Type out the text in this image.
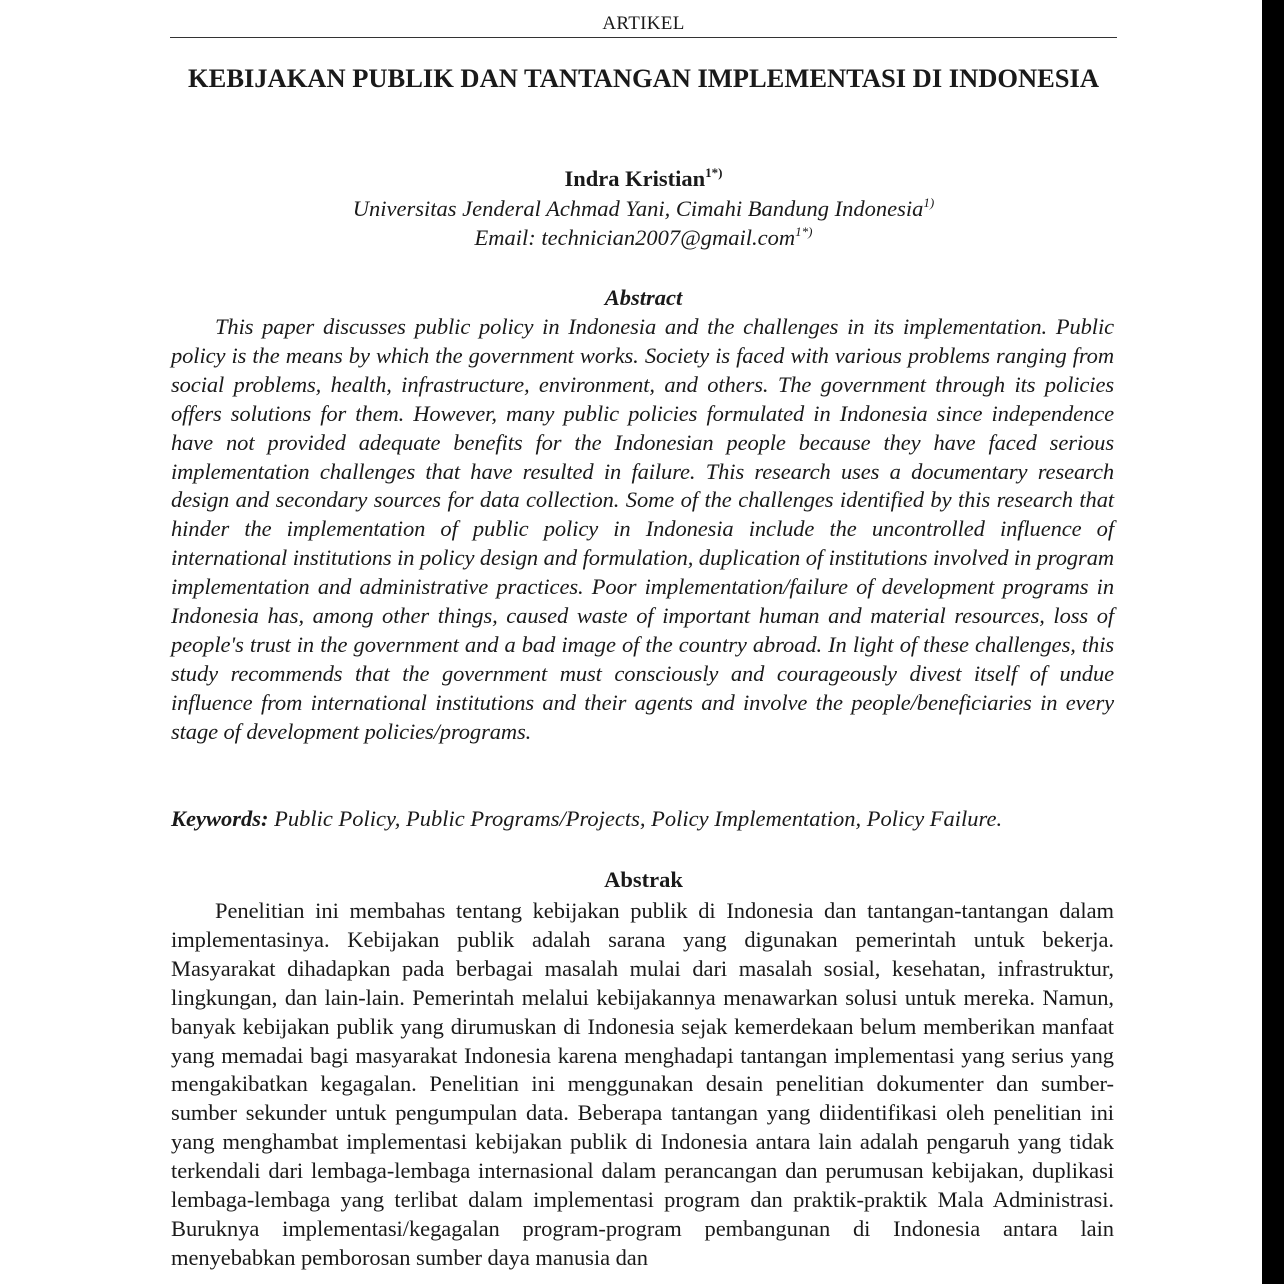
ARTIKEL
KEBIJAKAN PUBLIK DAN TANTANGAN IMPLEMENTASI DI INDONESIA
Indra Kristian$^{1*)}$
Universitas Jenderal Achmad Yani, Cimahi Bandung Indonesia$^{1)}$
Email: technician2007@gmail.com$^{1*)}$
Abstract

This paper discusses public policy in Indonesia and the challenges in its implementation. Public policy is the means by which the government works. Society is faced with various problems ranging from social problems, health, infrastructure, environment, and others. The government through its policies offers solutions for them. However, many public policies formulated in Indonesia since independence have not provided adequate benefits for the Indonesian people because they have faced serious implementation challenges that have resulted in failure. This research uses a documentary research design and secondary sources for data collection. Some of the challenges identified by this research that hinder the implementation of public policy in Indonesia include the uncontrolled influence of international institutions in policy design and formulation, duplication of institutions involved in program implementation and administrative practices. Poor implementation/failure of development programs in Indonesia has, among other things, caused waste of important human and material resources, loss of people's trust in the government and a bad image of the country abroad. In light of these challenges, this study recommends that the government must consciously and courageously divest itself of undue influence from international institutions and their agents and involve the people/beneficiaries in every stage of development policies/programs.

Keywords: Public Policy, Public Programs/Projects, Policy Implementation, Policy Failure.
Abstrak

Penelitian ini membahas tentang kebijakan publik di Indonesia dan tantangan-tantangan dalam implementasinya. Kebijakan publik adalah sarana yang digunakan pemerintah untuk bekerja. Masyarakat dihadapkan pada berbagai masalah mulai dari masalah sosial, kesehatan, infrastruktur, lingkungan, dan lain-lain. Pemerintah melalui kebijakannya menawarkan solusi untuk mereka. Namun, banyak kebijakan publik yang dirumuskan di Indonesia sejak kemerdekaan belum memberikan manfaat yang memadai bagi masyarakat Indonesia karena menghadapi tantangan implementasi yang serius yang mengakibatkan kegagalan. Penelitian ini menggunakan desain penelitian dokumenter dan sumber-sumber sekunder untuk pengumpulan data. Beberapa tantangan yang diidentifikasi oleh penelitian ini yang menghambat implementasi kebijakan publik di Indonesia antara lain adalah pengaruh yang tidak terkendali dari lembaga-lembaga internasional dalam perancangan dan perumusan kebijakan, duplikasi lembaga-lembaga yang terlibat dalam implementasi program dan praktik-praktik Mala Administrasi. Buruknya implementasi/kegagalan program-program pembangunan di Indonesia antara lain menyebabkan pemborosan sumber daya manusia dan
